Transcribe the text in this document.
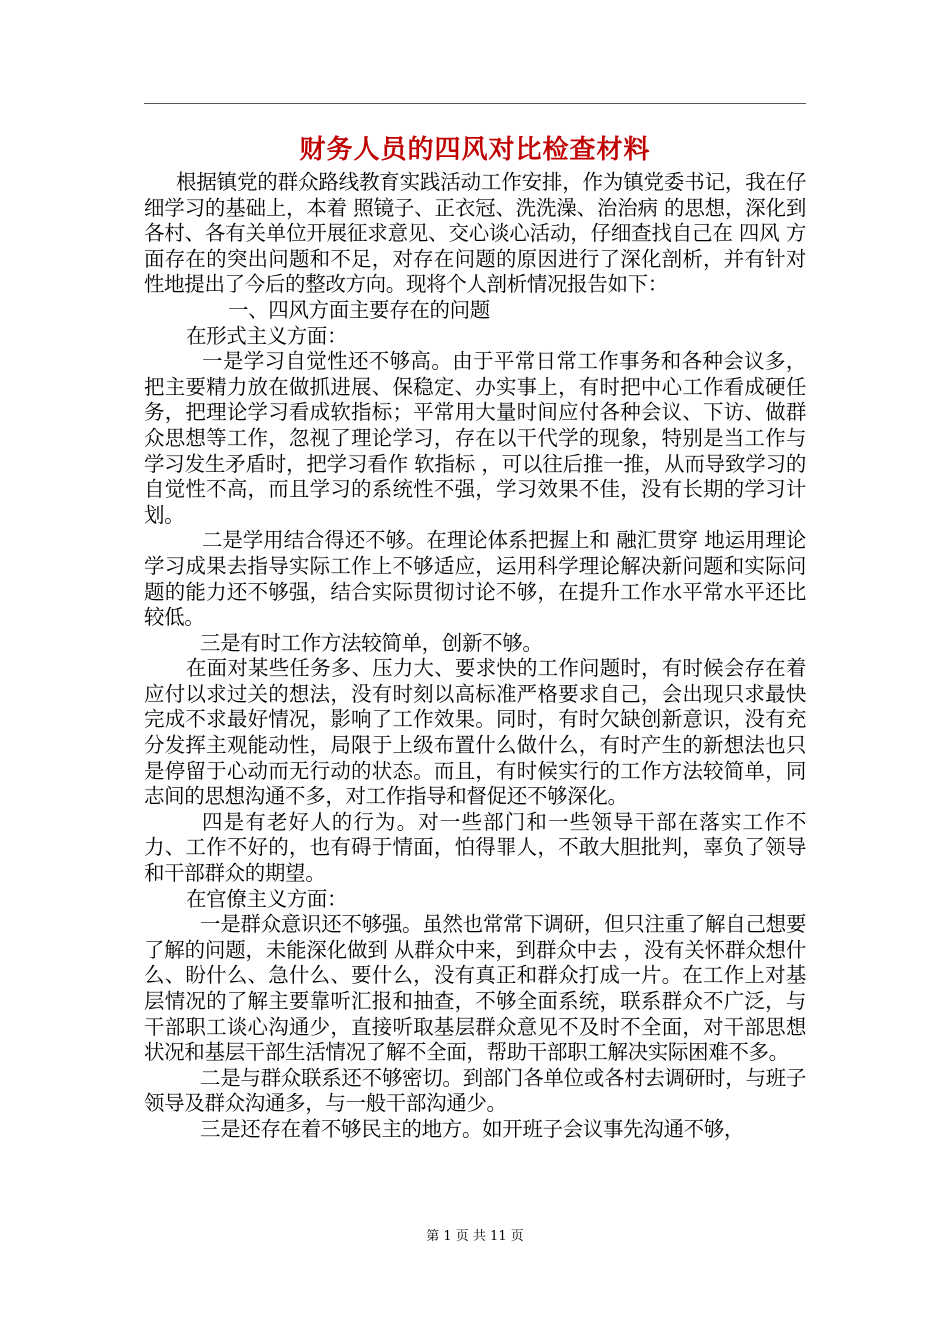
财务人员的四风对比检查材料

根据镇党的群众路线教育实践活动工作安排，作为镇党委书记，我在仔细学习的基础上，本着 照镜子、正衣冠、洗洗澡、治治病 的思想，深化到各村、各有关单位开展征求意见、交心谈心活动，仔细查找自己在 四风 方面存在的突出问题和不足，对存在问题的原因进行了深化剖析，并有针对性地提出了今后的整改方向。现将个人剖析情况报告如下：

一、四风方面主要存在的问题

在形式主义方面：

一是学习自觉性还不够高。由于平常日常工作事务和各种会议多，把主要精力放在做抓进展、保稳定、办实事上，有时把中心工作看成硬任务，把理论学习看成软指标；平常用大量时间应付各种会议、下访、做群众思想等工作，忽视了理论学习，存在以干代学的现象，特别是当工作与学习发生矛盾时，把学习看作 软指标 ，可以往后推一推，从而导致学习的自觉性不高，而且学习的系统性不强，学习效果不佳，没有长期的学习计划。

二是学用结合得还不够。在理论体系把握上和 融汇贯穿 地运用理论学习成果去指导实际工作上不够适应，运用科学理论解决新问题和实际问题的能力还不够强，结合实际贯彻讨论不够，在提升工作水平常水平还比较低。

三是有时工作方法较简单，创新不够。

在面对某些任务多、压力大、要求快的工作问题时，有时候会存在着应付以求过关的想法，没有时刻以高标准严格要求自己，会出现只求最快完成不求最好情况，影响了工作效果。同时，有时欠缺创新意识，没有充分发挥主观能动性，局限于上级布置什么做什么，有时产生的新想法也只是停留于心动而无行动的状态。而且，有时候实行的工作方法较简单，同志间的思想沟通不多，对工作指导和督促还不够深化。

四是有老好人的行为。对一些部门和一些领导干部在落实工作不力、工作不好的，也有碍于情面，怕得罪人，不敢大胆批判，辜负了领导和干部群众的期望。

在官僚主义方面：

一是群众意识还不够强。虽然也常常下调研，但只注重了解自己想要了解的问题，未能深化做到 从群众中来，到群众中去 ，没有关怀群众想什么、盼什么、急什么、要什么，没有真正和群众打成一片。在工作上对基层情况的了解主要靠听汇报和抽查，不够全面系统，联系群众不广泛，与干部职工谈心沟通少，直接听取基层群众意见不及时不全面，对干部思想状况和基层干部生活情况了解不全面，帮助干部职工解决实际困难不多。

二是与群众联系还不够密切。到部门各单位或各村去调研时，与班子领导及群众沟通多，与一般干部沟通少。

三是还存在着不够民主的地方。如开班子会议事先沟通不够，

第 1 页 共 11 页
